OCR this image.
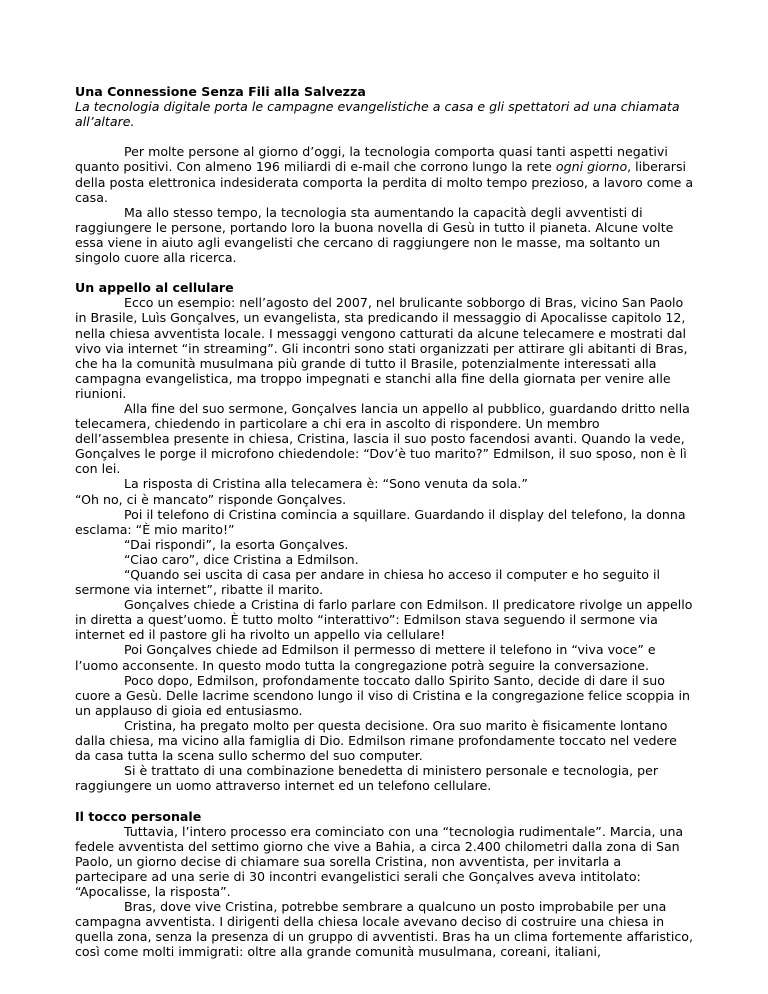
Una Connessione Senza Fili alla Salvezza

La tecnologia digitale porta le campagne evangelistiche a casa e gli spettatori ad una chiamata all’altare.

Per molte persone al giorno d’oggi, la tecnologia comporta quasi tanti aspetti negativi quanto positivi. Con almeno 196 miliardi di e-mail che corrono lungo la rete ogni giorno, liberarsi della posta elettronica indesiderata comporta la perdita di molto tempo prezioso, a lavoro come a casa.

Ma allo stesso tempo, la tecnologia sta aumentando la capacità degli avventisti di raggiungere le persone, portando loro la buona novella di Gesù in tutto il pianeta. Alcune volte essa viene in aiuto agli evangelisti che cercano di raggiungere non le masse, ma soltanto un singolo cuore alla ricerca.

Un appello al cellulare

Ecco un esempio: nell’agosto del 2007, nel brulicante sobborgo di Bras, vicino San Paolo in Brasile, Luìs Gonçalves, un evangelista, sta predicando il messaggio di Apocalisse capitolo 12, nella chiesa avventista locale. I messaggi vengono catturati da alcune telecamere e mostrati dal vivo via internet “in streaming”. Gli incontri sono stati organizzati per attirare gli abitanti di Bras, che ha la comunità musulmana più grande di tutto il Brasile, potenzialmente interessati alla campagna evangelistica, ma troppo impegnati e stanchi alla fine della giornata per venire alle riunioni.

Alla fine del suo sermone, Gonçalves lancia un appello al pubblico, guardando dritto nella telecamera, chiedendo in particolare a chi era in ascolto di rispondere. Un membro dell’assemblea presente in chiesa, Cristina, lascia il suo posto facendosi avanti. Quando la vede, Gonçalves le porge il microfono chiedendole: “Dov’è tuo marito?” Edmilson, il suo sposo, non è lì con lei.

La risposta di Cristina alla telecamera è: “Sono venuta da sola.”

“Oh no, ci è mancato” risponde Gonçalves.

Poi il telefono di Cristina comincia a squillare. Guardando il display del telefono, la donna esclama: “È mio marito!”

“Dai rispondi”, la esorta Gonçalves.

“Ciao caro”, dice Cristina a Edmilson.

“Quando sei uscita di casa per andare in chiesa ho acceso il computer e ho seguito il sermone via internet”, ribatte il marito.

Gonçalves chiede a Cristina di farlo parlare con Edmilson. Il predicatore rivolge un appello in diretta a quest’uomo. È tutto molto “interattivo”: Edmilson stava seguendo il sermone via internet ed il pastore gli ha rivolto un appello via cellulare!

Poi Gonçalves chiede ad Edmilson il permesso di mettere il telefono in “viva voce” e l’uomo acconsente. In questo modo tutta la congregazione potrà seguire la conversazione.

Poco dopo, Edmilson, profondamente toccato dallo Spirito Santo, decide di dare il suo cuore a Gesù. Delle lacrime scendono lungo il viso di Cristina e la congregazione felice scoppia in un applauso di gioia ed entusiasmo.

Cristina, ha pregato molto per questa decisione. Ora suo marito è fisicamente lontano dalla chiesa, ma vicino alla famiglia di Dio. Edmilson rimane profondamente toccato nel vedere da casa tutta la scena sullo schermo del suo computer.

Si è trattato di una combinazione benedetta di ministero personale e tecnologia, per raggiungere un uomo attraverso internet ed un telefono cellulare.

Il tocco personale

Tuttavia, l’intero processo era cominciato con una “tecnologia rudimentale”. Marcia, una fedele avventista del settimo giorno che vive a Bahia, a circa 2.400 chilometri dalla zona di San Paolo, un giorno decise di chiamare sua sorella Cristina, non avventista, per invitarla a partecipare ad una serie di 30 incontri evangelistici serali che Gonçalves aveva intitolato: “Apocalisse, la risposta”.

Bras, dove vive Cristina, potrebbe sembrare a qualcuno un posto improbabile per una campagna avventista. I dirigenti della chiesa locale avevano deciso di costruire una chiesa in quella zona, senza la presenza di un gruppo di avventisti. Bras ha un clima fortemente affaristico, così come molti immigrati: oltre alla grande comunità musulmana, coreani, italiani,
